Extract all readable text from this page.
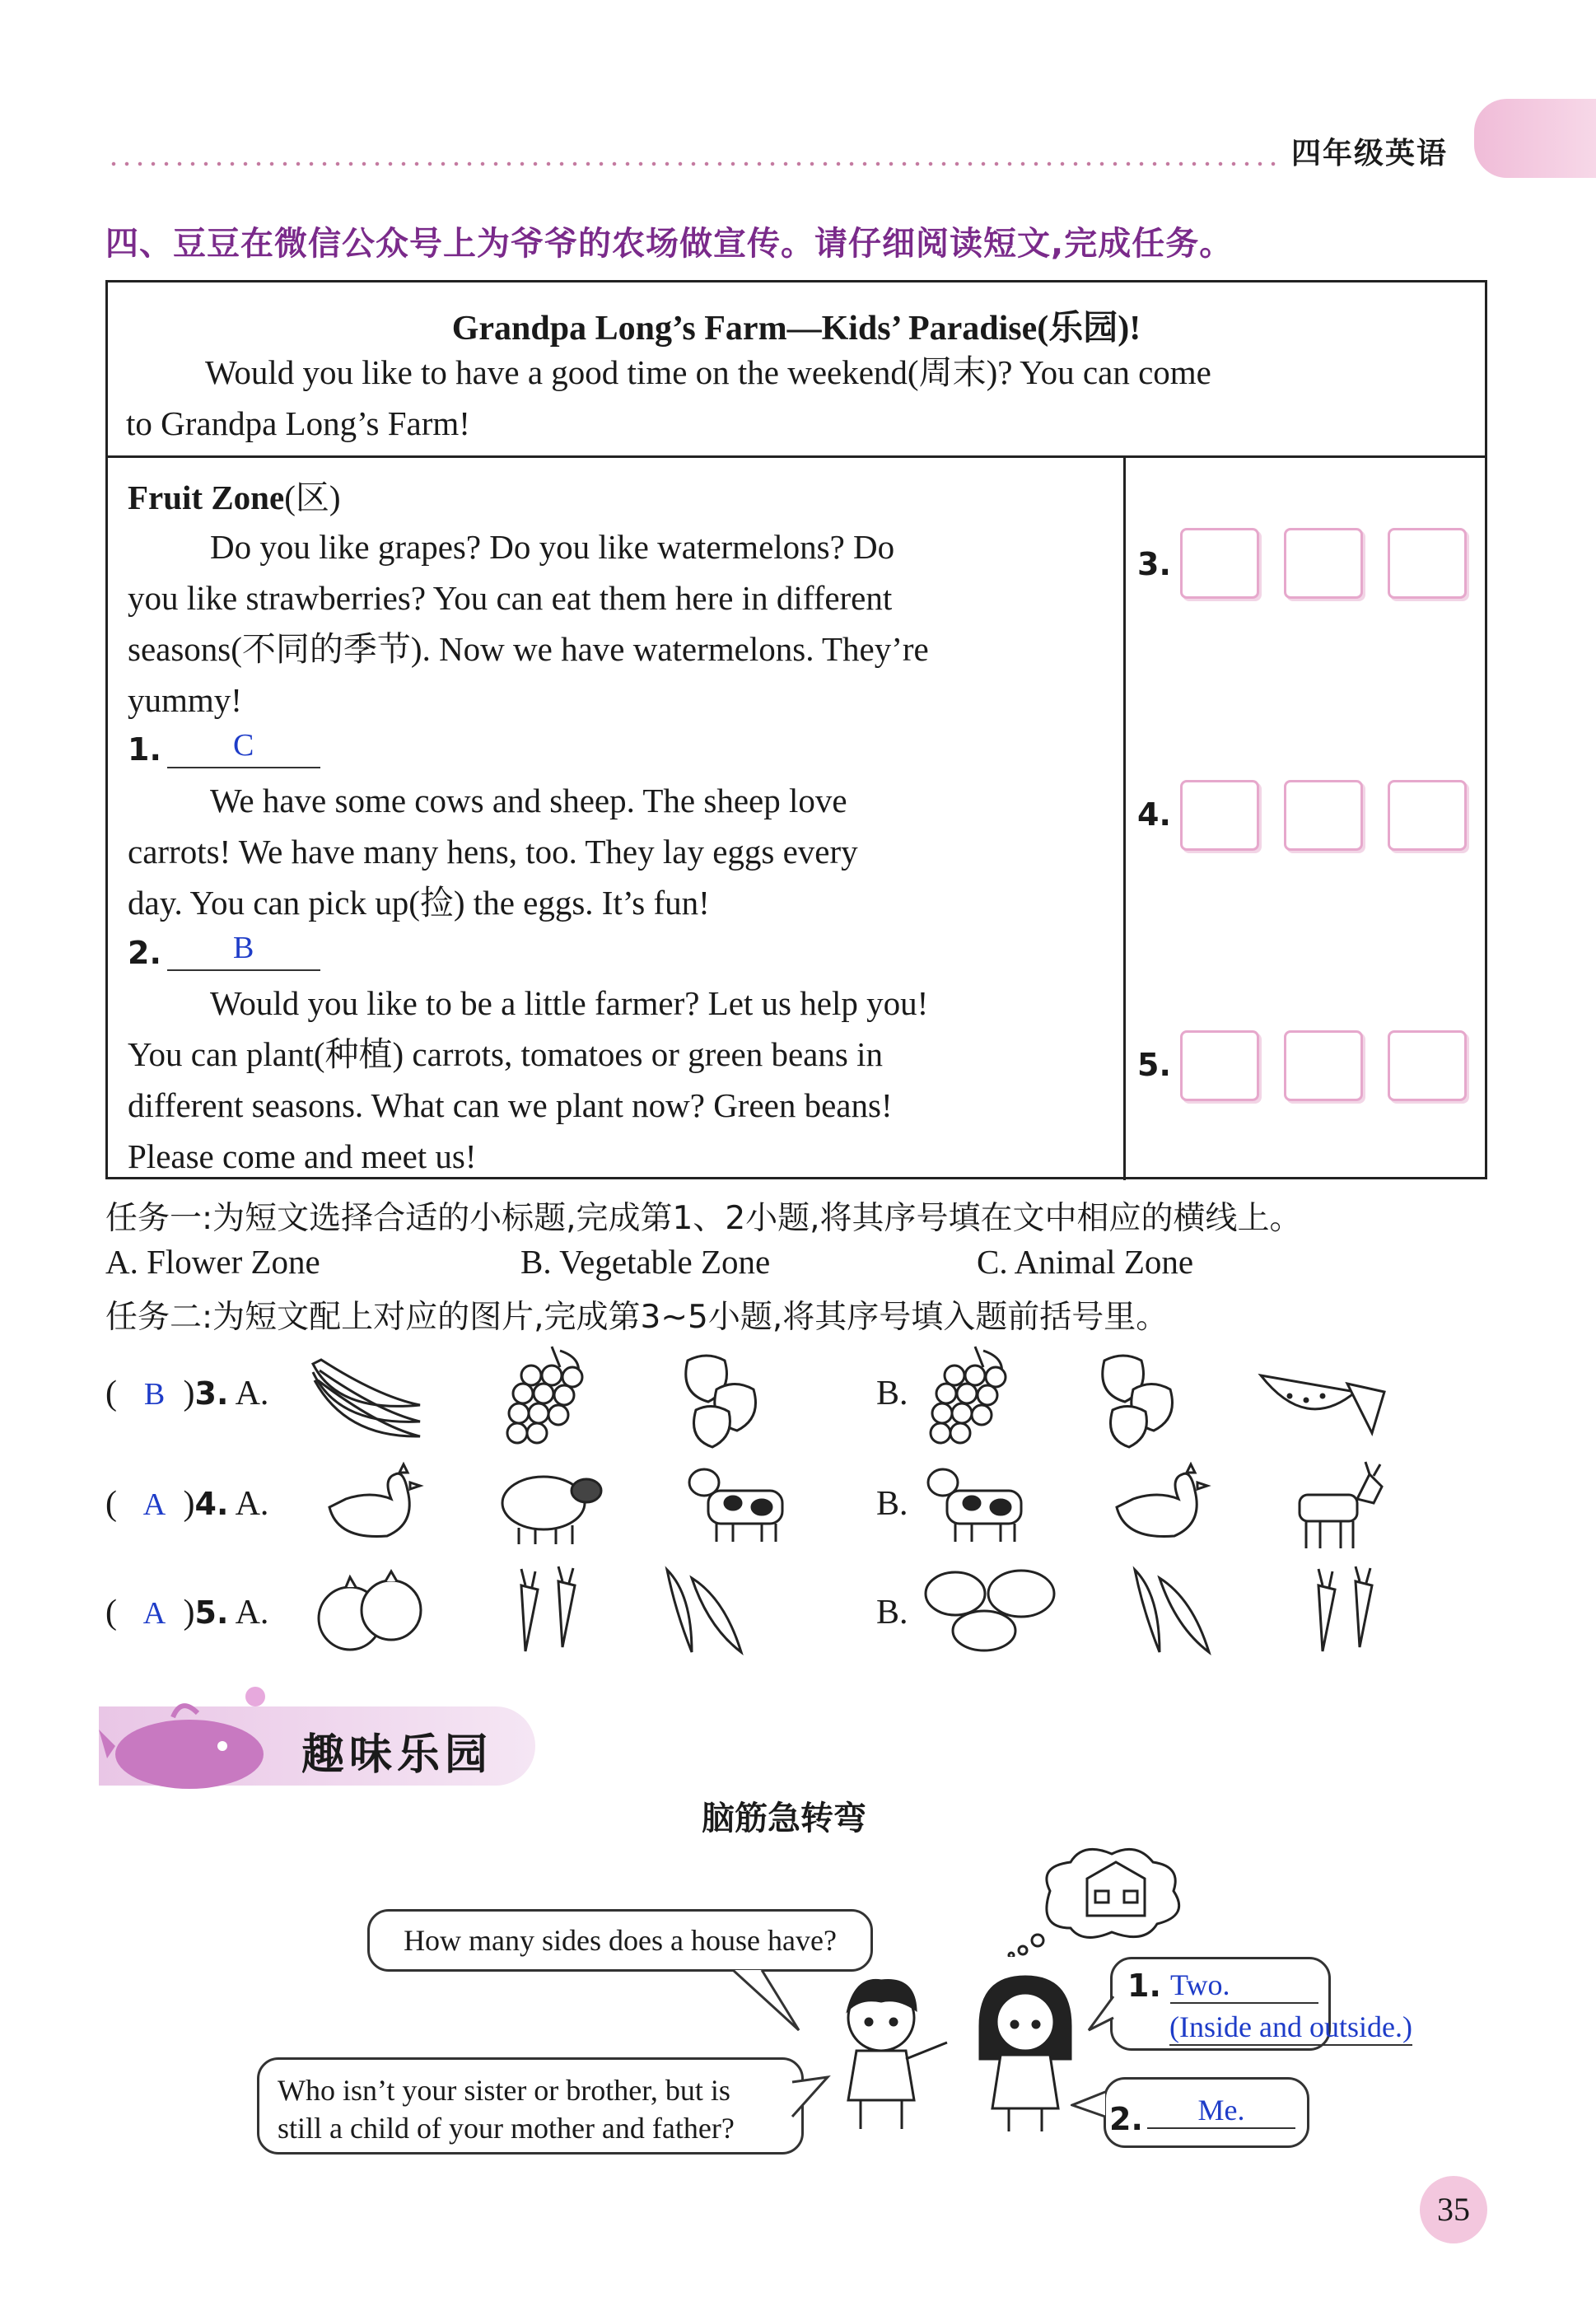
四年级英语
四、豆豆在微信公众号上为爷爷的农场做宣传。请仔细阅读短文,完成任务。
Grandpa Long’s Farm—Kids’ Paradise(乐园)!
Would you like to have a good time on the weekend(周末)? You can come
to Grandpa Long’s Farm!
Fruit Zone(区)
Do you like grapes? Do you like watermelons? Do
you like strawberries? You can eat them here in different
seasons(不同的季节). Now we have watermelons. They’re
yummy!
1. C
We have some cows and sheep. The sheep love
carrots! We have many hens, too. They lay eggs every
day. You can pick up(捡) the eggs. It’s fun!
2. B
Would you like to be a little farmer? Let us help you!
You can plant(种植) carrots, tomatoes or green beans in
different seasons. What can we plant now? Green beans!
Please come and meet us!
3.
4.
5.
任务一:为短文选择合适的小标题,完成第1、2小题,将其序号填在文中相应的横线上。
A. Flower Zone	B. Vegetable Zone	C. Animal Zone
任务二:为短文配上对应的图片,完成第3~5小题,将其序号填入题前括号里。
( B )3. A.	B.
( A )4. A.	B.
( A )5. A.	B.
趣味乐园
脑筋急转弯
How many sides does a house have?
Who isn’t your sister or brother, but is
still a child of your mother and father?
1. Two.
(Inside and outside.)
2.	Me.
35
